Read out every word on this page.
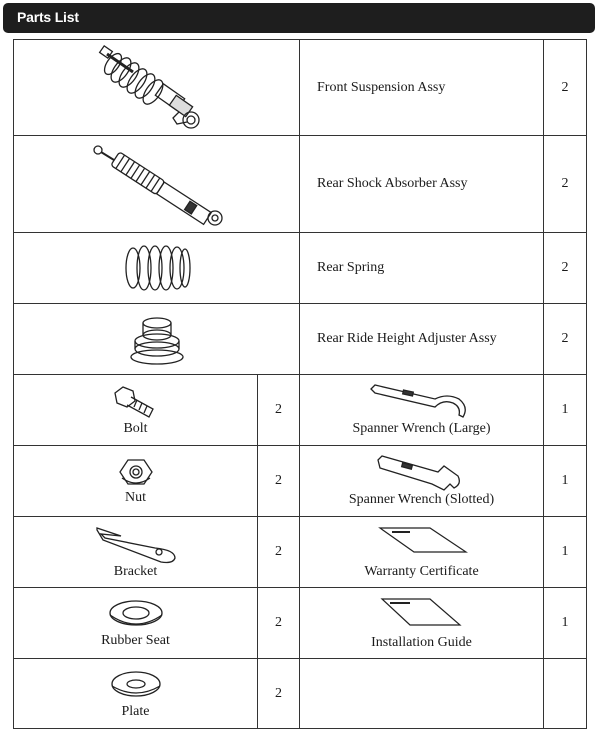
Parts List
	Front Suspension Assy	2

	Rear Shock Absorber Assy	2

	Rear Spring	2

	Rear Ride Height Adjuster Assy	2

Bolt	2	Spanner Wrench (Large)	1

Nut	2	Spanner Wrench (Slotted)	1

Bracket	2	Warranty Certificate	1

Rubber Seat	2	Installation Guide	1

Plate	2		
